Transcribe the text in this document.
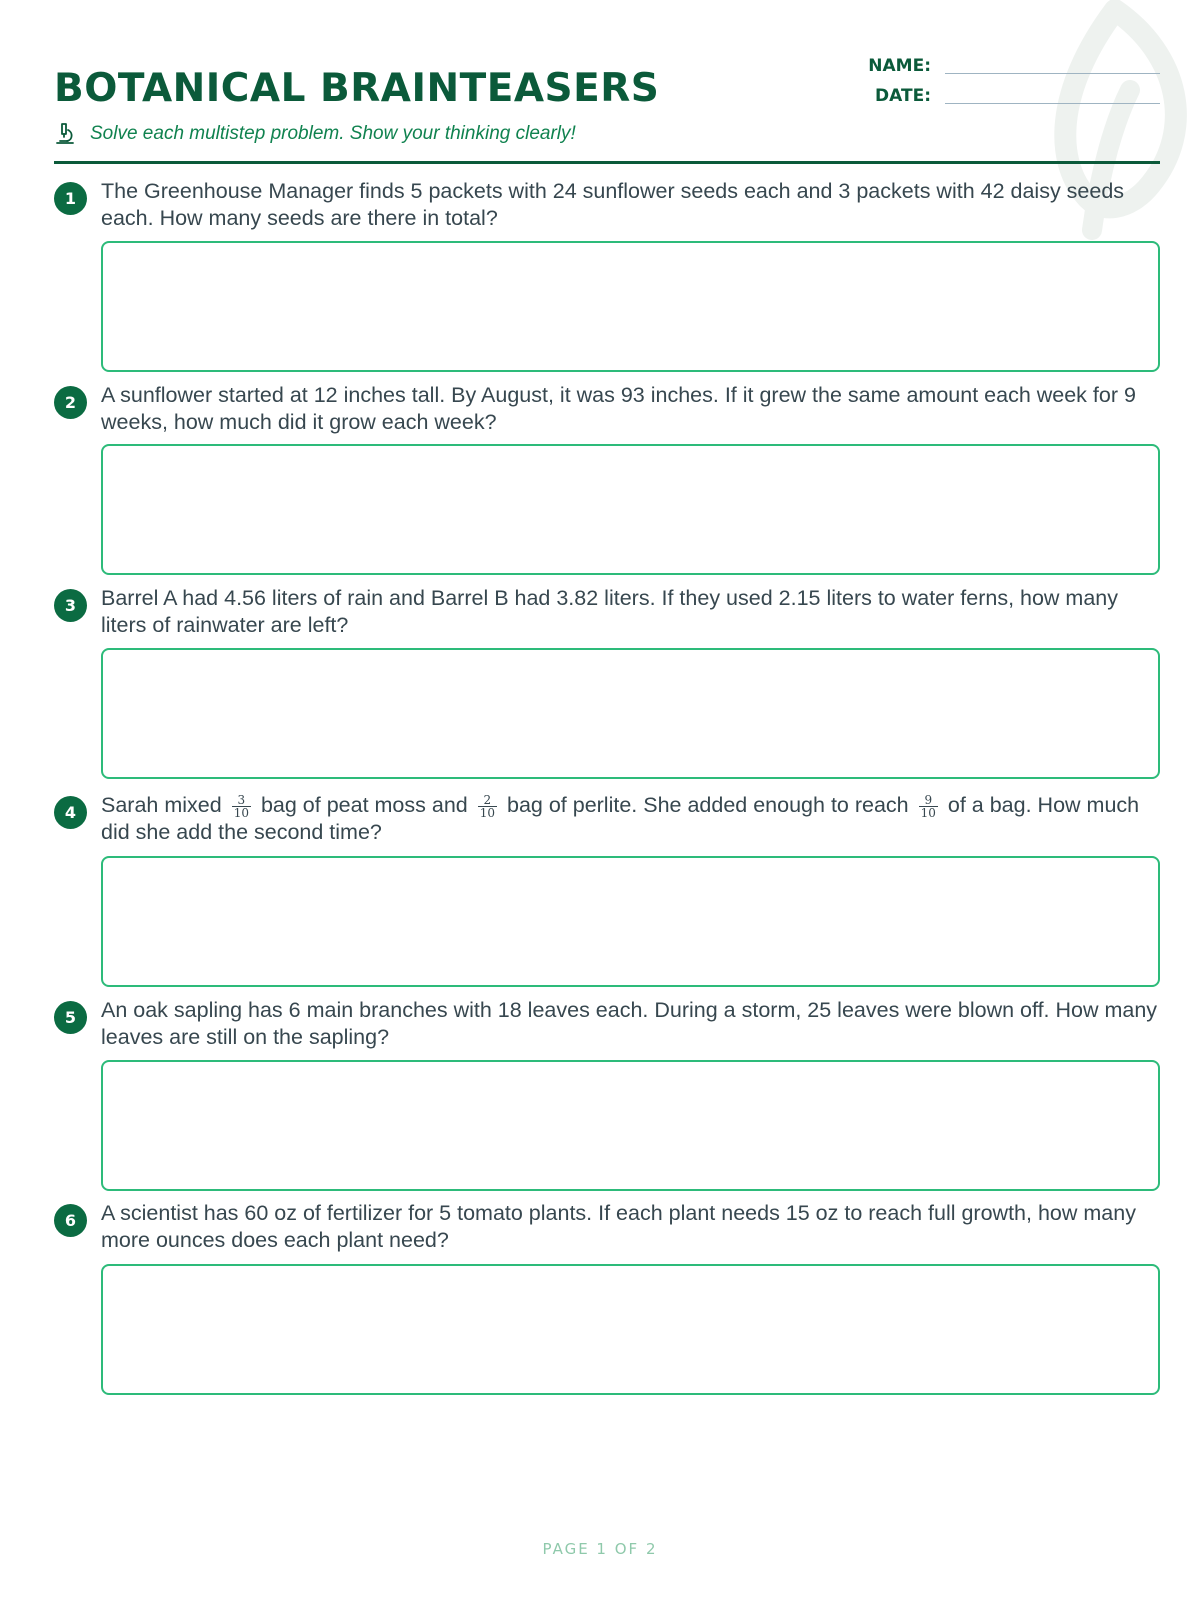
BOTANICAL BRAINTEASERS
Solve each multistep problem. Show your thinking clearly!
NAME:
DATE:
1	The Greenhouse Manager finds 5 packets with 24 sunflower seeds each and 3 packets with 42 daisy seeds each. How many seeds are there in total?
2	A sunflower started at 12 inches tall. By August, it was 93 inches. If it grew the same amount each week for 9 weeks, how much did it grow each week?
3	Barrel A had 4.56 liters of rain and Barrel B had 3.82 liters. If they used 2.15 liters to water ferns, how many liters of rainwater are left?
4	Sarah mixed $\frac{3}{10}$ bag of peat moss and $\frac{2}{10}$ bag of perlite. She added enough to reach $\frac{9}{10}$ of a bag. How much did she add the second time?
5	An oak sapling has 6 main branches with 18 leaves each. During a storm, 25 leaves were blown off. How many leaves are still on the sapling?
6	A scientist has 60 oz of fertilizer for 5 tomato plants. If each plant needs 15 oz to reach full growth, how many more ounces does each plant need?
PAGE 1 OF 2
